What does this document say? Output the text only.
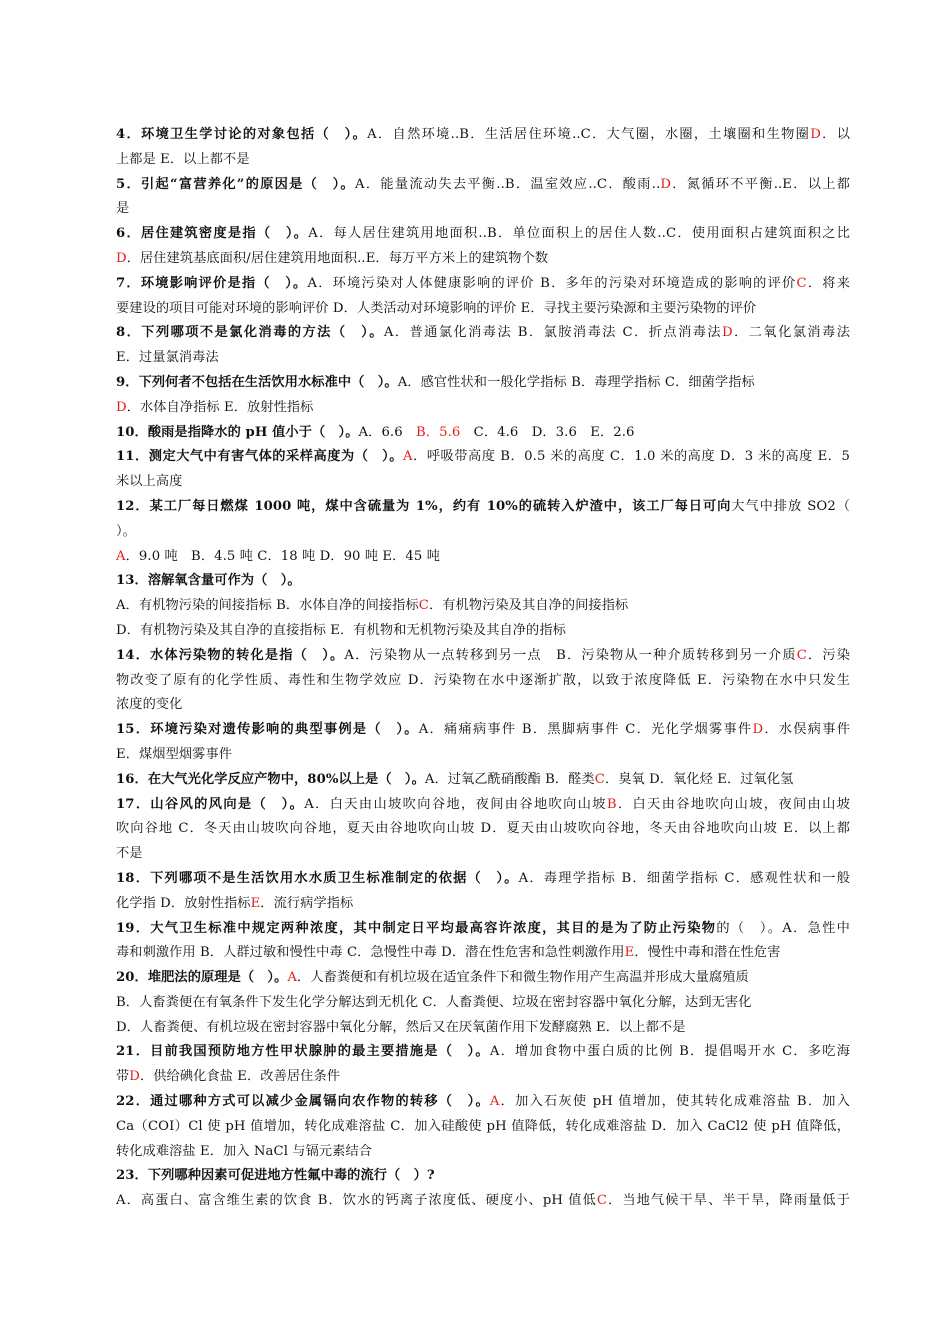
4．环境卫生学讨论的对象包括（　）。A．自然环境..B．生活居住环境..C．大气圈，水圈，土壤圈和生物圈D．以
上都是 E．以上都不是
5．引起“富营养化”的原因是（　）。A．能量流动失去平衡..B．温室效应..C．酸雨..D．氮循环不平衡..E．以上都
是
6．居住建筑密度是指（　）。A．每人居住建筑用地面积..B．单位面积上的居住人数..C．使用面积占建筑面积之比
D．居住建筑基底面积/居住建筑用地面积..E．每万平方米上的建筑物个数
7．环境影响评价是指（　）。A．环境污染对人体健康影响的评价 B．多年的污染对环境造成的影响的评价C．将来
要建设的项目可能对环境的影响评价 D．人类活动对环境影响的评价 E．寻找主要污染源和主要污染物的评价
8．下列哪项不是氯化消毒的方法（　）。A．普通氯化消毒法 B．氯胺消毒法 C．折点消毒法D．二氧化氯消毒法
E．过量氯消毒法
9．下列何者不包括在生活饮用水标准中（　）。A．感官性状和一般化学指标 B．毒理学指标 C．细菌学指标
D．水体自净指标 E．放射性指标
10．酸雨是指降水的 pH 值小于（　）。A．6.6　B．5.6　C．4.6　D．3.6　E．2.6
11．测定大气中有害气体的采样高度为（　）。A．呼吸带高度 B．0.5 米的高度 C．1.0 米的高度 D．3 米的高度 E．5
米以上高度
12．某工厂每日燃煤 1000 吨，煤中含硫量为 1%，约有 10%的硫转入炉渣中，该工厂每日可向大气中排放 SO2（
）。
A．9.0 吨　B．4.5 吨 C．18 吨 D．90 吨 E．45 吨
13．溶解氧含量可作为（　）。
A．有机物污染的间接指标 B．水体自净的间接指标C．有机物污染及其自净的间接指标
D．有机物污染及其自净的直接指标 E．有机物和无机物污染及其自净的指标
14．水体污染物的转化是指（　）。A．污染物从一点转移到另一点　B．污染物从一种介质转移到另一介质C．污染
物改变了原有的化学性质、毒性和生物学效应 D．污染物在水中逐渐扩散，以致于浓度降低 E．污染物在水中只发生
浓度的变化
15．环境污染对遗传影响的典型事例是（　）。A．痛痛病事件 B．黑脚病事件 C．光化学烟雾事件D．水俣病事件
E．煤烟型烟雾事件
16．在大气光化学反应产物中，80%以上是（　）。A．过氧乙酰硝酸酯 B．醛类C．臭氧 D．氧化烃 E．过氧化氢
17．山谷风的风向是（　）。A．白天由山坡吹向谷地，夜间由谷地吹向山坡B．白天由谷地吹向山坡，夜间由山坡
吹向谷地 C．冬天由山坡吹向谷地，夏天由谷地吹向山坡 D．夏天由山坡吹向谷地，冬天由谷地吹向山坡 E．以上都
不是
18．下列哪项不是生活饮用水水质卫生标准制定的依据（　）。A．毒理学指标 B．细菌学指标 C．感观性状和一般
化学指 D．放射性指标E．流行病学指标
19．大气卫生标准中规定两种浓度，其中制定日平均最高容许浓度，其目的是为了防止污染物的（　）。A．急性中
毒和刺激作用 B．人群过敏和慢性中毒 C．急慢性中毒 D．潜在性危害和急性刺激作用E．慢性中毒和潜在性危害
20．堆肥法的原理是（　）。A．人畜粪便和有机垃圾在适宜条件下和微生物作用产生高温并形成大量腐殖质
B．人畜粪便在有氧条件下发生化学分解达到无机化 C．人畜粪便、垃圾在密封容器中氧化分解，达到无害化
D．人畜粪便、有机垃圾在密封容器中氧化分解，然后又在厌氧菌作用下发酵腐熟 E．以上都不是
21．目前我国预防地方性甲状腺肿的最主要措施是（　）。A．增加食物中蛋白质的比例 B．提倡喝开水 C．多吃海
带D．供给碘化食盐 E．改善居住条件
22．通过哪种方式可以减少金属镉向农作物的转移（　）。A．加入石灰使 pH 值增加，使其转化成难溶盐 B．加入
Ca（COI）Cl 使 pH 值增加，转化成难溶盐 C．加入硅酸使 pH 值降低，转化成难溶盐 D．加入 CaCl2 使 pH 值降低，
转化成难溶盐 E．加入 NaCl 与镉元素结合
23．下列哪种因素可促进地方性氟中毒的流行（　）?
A．高蛋白、富含维生素的饮食 B．饮水的钙离子浓度低、硬度小、pH 值低C．当地气候干旱、半干旱，降雨量低于
